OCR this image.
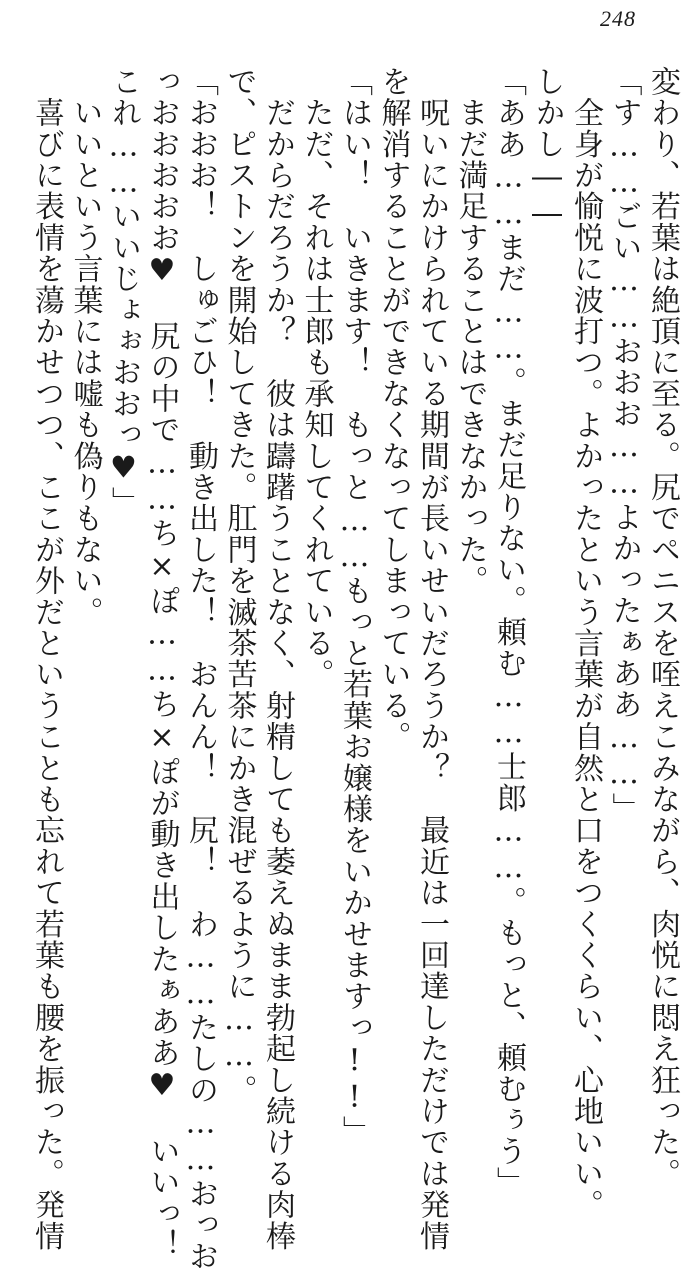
248
変わり、若葉は絶頂に至る。尻でペニスを咥えこみながら、肉悦に悶え狂った。
「す……ごい……おおお……よかったぁああ……」
　全身が愉悦に波打つ。よかったという言葉が自然と口をつくくらい、心地いい。
しかし――
「ああ……まだ……。まだ足りない。頼む……士郎……。もっと、頼むぅう」
　まだ満足することはできなかった。
　呪いにかけられている期間が長いせいだろうか？　最近は一回達しただけでは発情
を解消することができなくなってしまっている。
「はい！　いきます！　もっと……もっと若葉お嬢様をいかせますっ!!」
　ただ、それは士郎も承知してくれている。
　だからだろうか？　彼は躊躇うことなく、射精しても萎えぬまま勃起し続ける肉棒
で、ピストンを開始してきた。肛門を滅茶苦茶にかき混ぜるように……。
「おおお！　しゅごひ！　動き出した！　おんん！　尻！　わ……たしの……おっお
っおおおおお♥　尻の中で……ち×ぽ……ち×ぽが動き出したぁああ♥　いいっ！
これ……いいじょぉおおっ♥」
　いいという言葉には嘘も偽りもない。
　喜びに表情を蕩かせつつ、ここが外だということも忘れて若葉も腰を振った。発情
